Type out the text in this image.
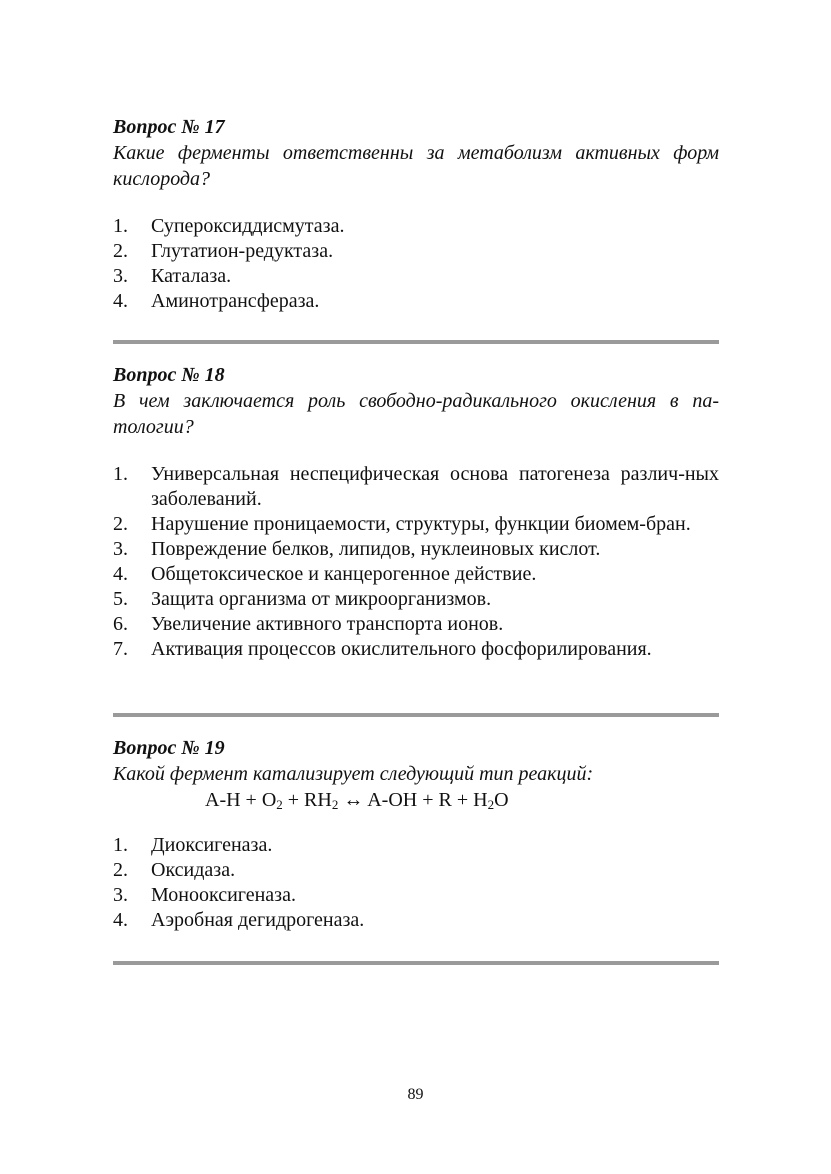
Вопрос № 17

Какие ферменты ответственны за метаболизм активных форм кислорода?

1.	Супероксиддисмутаза.
2.	Глутатион-редуктаза.
3.	Каталаза.
4.	Аминотрансфераза.

Вопрос № 18

В чем заключается роль свободно-радикального окисления в па-тологии?

1.	Универсальная неспецифическая основа патогенеза различ-ных заболеваний.
2.	Нарушение проницаемости, структуры, функции биомем-бран.
3.	Повреждение белков, липидов, нуклеиновых кислот.
4.	Общетоксическое и канцерогенное действие.
5.	Защита организма от микроорганизмов.
6.	Увеличение активного транспорта ионов.
7.	Активация процессов окислительного фосфорилирования.

Вопрос № 19

Какой фермент катализирует следующий тип реакций:

$A-H + O_2 + RH_2$ ↔ $A-OH + R + H_2O$

1.	Диоксигеназа.
2.	Оксидаза.
3.	Монооксигеназа.
4.	Аэробная дегидрогеназа.
89
